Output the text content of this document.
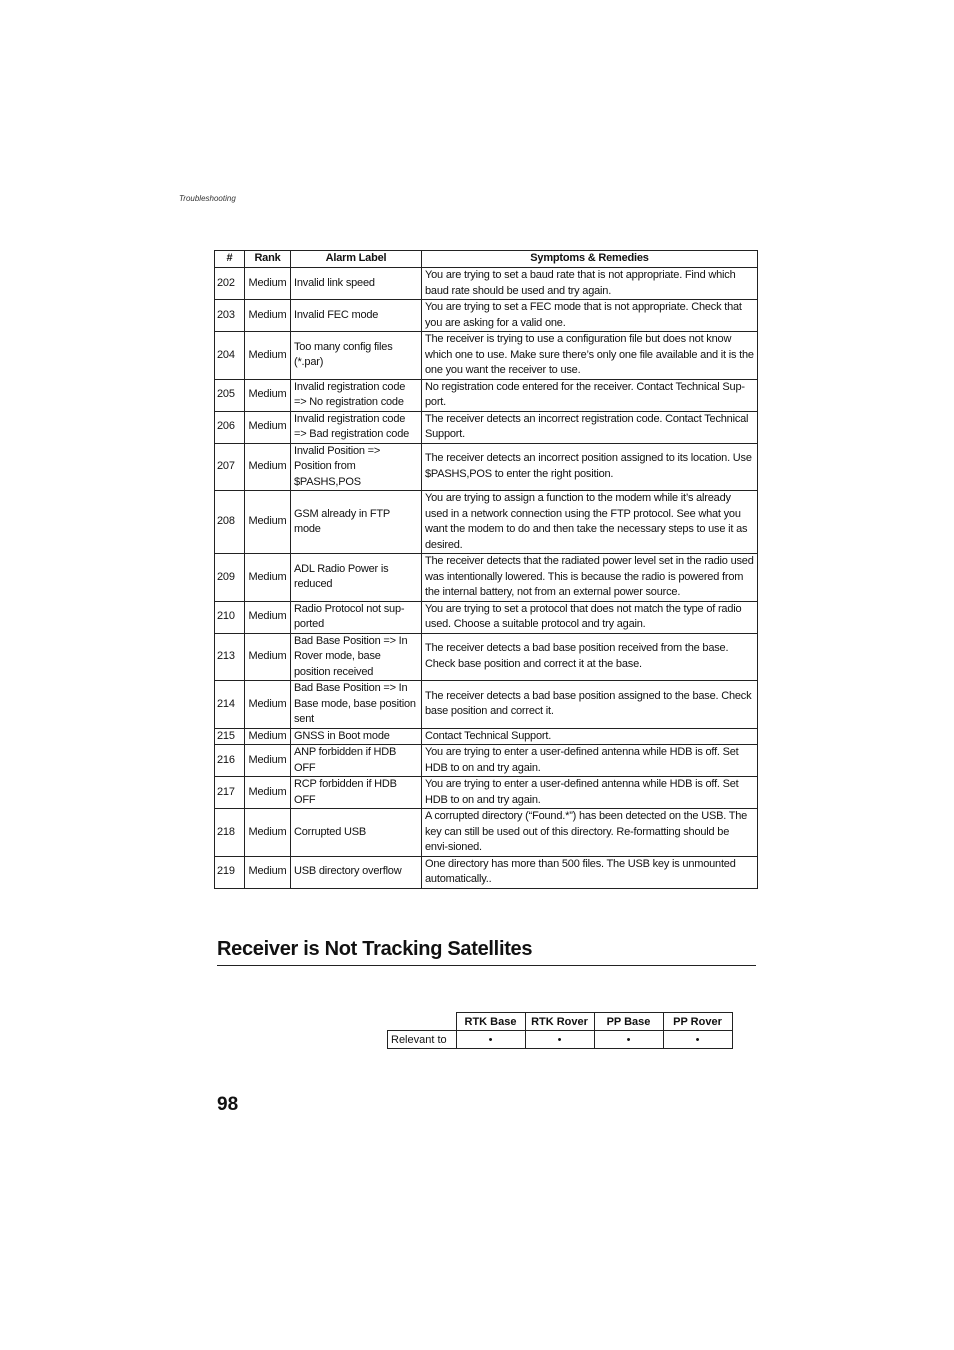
Troubleshooting
#	Rank	Alarm Label	Symptoms & Remedies
202	Medium	Invalid link speed	You are trying to set a baud rate that is not appropriate. Find which baud rate should be used and try again.
203	Medium	Invalid FEC mode	You are trying to set a FEC mode that is not appropriate. Check that you are asking for a valid one.
204	Medium	Too many config files (*.par)	The receiver is trying to use a configuration file but does not know which one to use. Make sure there’s only one file available and it is the one you want the receiver to use.
205	Medium	Invalid registration code => No registration code	No registration code entered for the receiver. Contact Technical Sup-port.
206	Medium	Invalid registration code => Bad registration code	The receiver detects an incorrect registration code. Contact Technical Support.
207	Medium	Invalid Position => Position from $PASHS,POS	The receiver detects an incorrect position assigned to its location. Use $PASHS,POS to enter the right position.
208	Medium	GSM already in FTP mode	You are trying to assign a function to the modem while it’s already used in a network connection using the FTP protocol. See what you want the modem to do and then take the necessary steps to use it as desired.
209	Medium	ADL Radio Power is reduced	The receiver detects that the radiated power level set in the radio used was intentionally lowered. This is because the radio is powered from the internal battery, not from an external power source.
210	Medium	Radio Protocol not sup-ported	You are trying to set a protocol that does not match the type of radio used. Choose a suitable protocol and try again.
213	Medium	Bad Base Position => In Rover mode, base position received	The receiver detects a bad base position received from the base. Check base position and correct it at the base.
214	Medium	Bad Base Position => In Base mode, base position sent	The receiver detects a bad base position assigned to the base. Check base position and correct it.
215	Medium	GNSS in Boot mode	Contact Technical Support.
216	Medium	ANP forbidden if HDB OFF	You are trying to enter a user-defined antenna while HDB is off. Set HDB to on and try again.
217	Medium	RCP forbidden if HDB OFF	You are trying to enter a user-defined antenna while HDB is off. Set HDB to on and try again.
218	Medium	Corrupted USB	A corrupted directory (“Found.*”) has been detected on the USB. The key can still be used out of this directory. Re-formatting should be envi-sioned.
219	Medium	USB directory overflow	One directory has more than 500 files. The USB key is unmounted automatically..
Receiver is Not Tracking Satellites
	RTK Base	RTK Rover	PP Base	PP Rover
Relevant to	•	•	•	•
98
